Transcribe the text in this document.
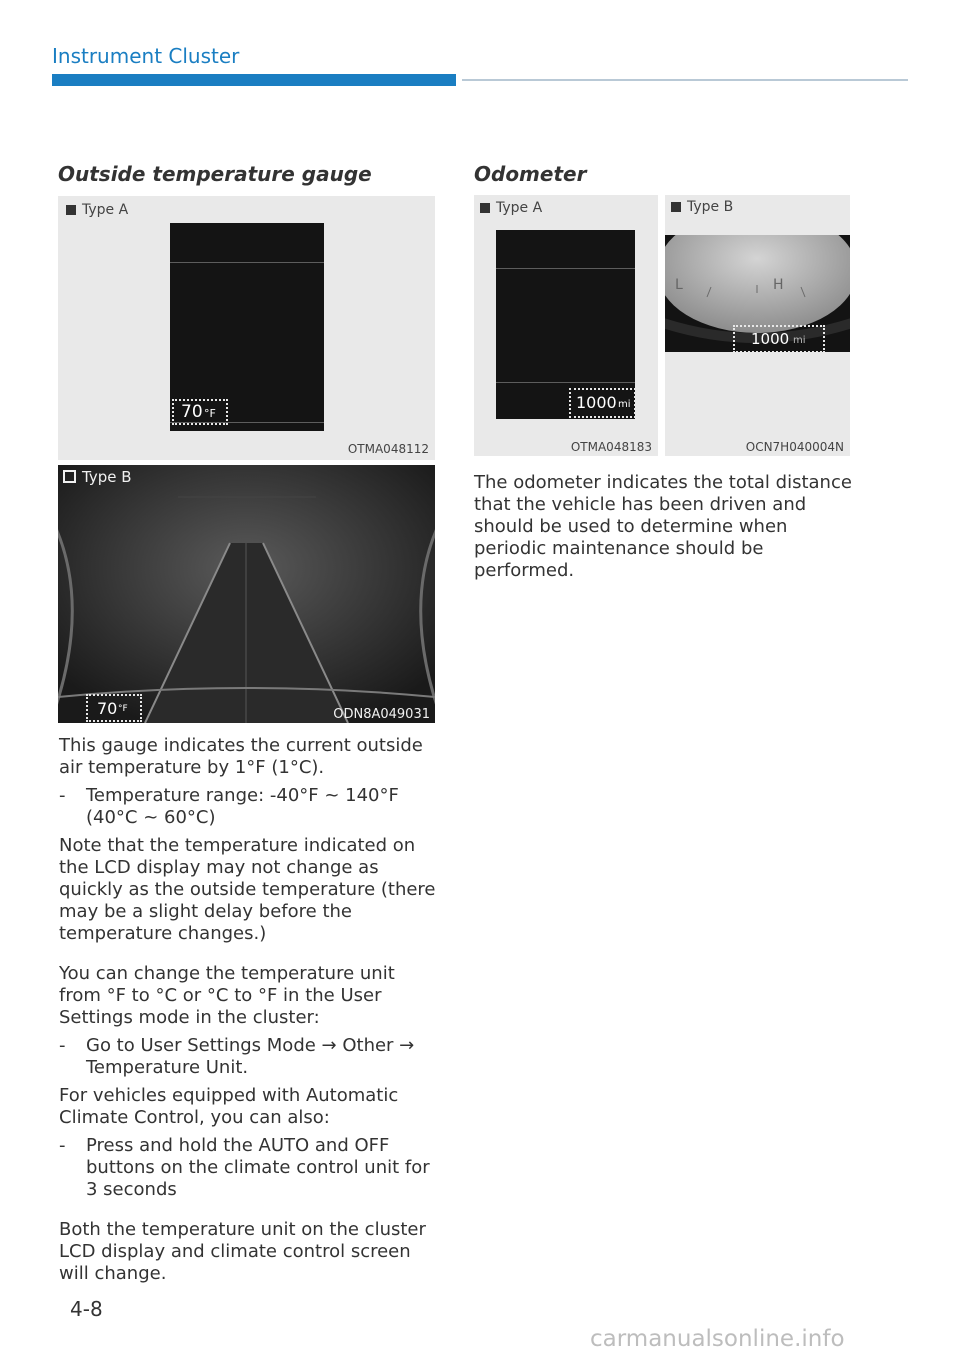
Instrument Cluster
Outside temperature gauge
Type A
70 °F
OTMA048112
Type B
70 °F	ODN8A049031

This gauge indicates the current outside air temperature by 1°F (1°C).

- Temperature range: -40°F ~ 140°F (40°C ~ 60°C)

Note that the temperature indicated on the LCD display may not change as quickly as the outside temperature (there may be a slight delay before the temperature changes.)

You can change the temperature unit from °F to °C or °C to °F in the User Settings mode in the cluster:

- Go to User Settings Mode → Other → Temperature Unit.

For vehicles equipped with Automatic Climate Control, you can also:

- Press and hold the AUTO and OFF buttons on the climate control unit for 3 seconds

Both the temperature unit on the cluster LCD display and climate control screen will change.

Odometer
Type A
1000 mi
OTMA048183
Type B
L	H
1000 mi
OCN7H040004N

The odometer indicates the total distance that the vehicle has been driven and should be used to determine when periodic maintenance should be performed.

4-8
carmanualsonline.info
